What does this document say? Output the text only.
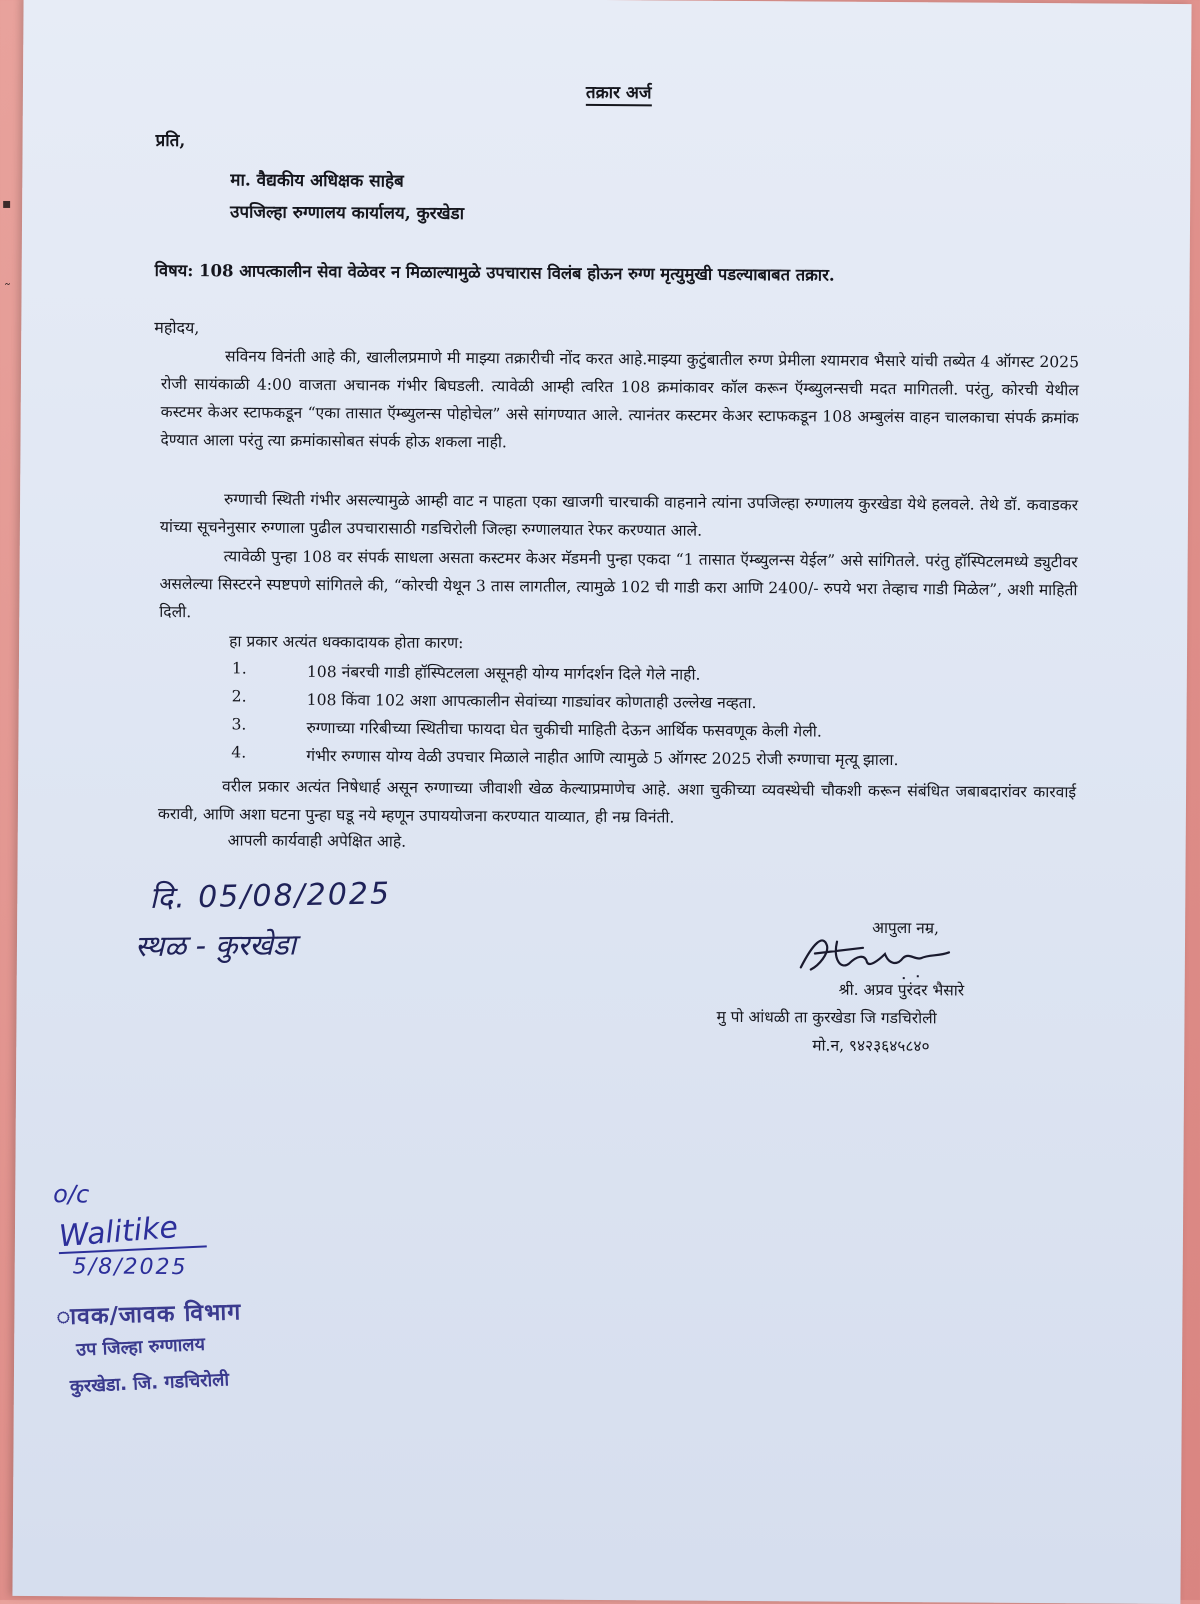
▪
˜
तक्रार अर्ज
प्रति,
मा. वैद्यकीय अधिक्षक साहेब
उपजिल्हा रुग्णालय कार्यालय, कुरखेडा
विषय: 108 आपत्कालीन सेवा वेळेवर न मिळाल्यामुळे उपचारास विलंब होऊन रुग्ण मृत्युमुखी पडल्याबाबत तक्रार.
महोदय,
सविनय विनंती आहे की, खालीलप्रमाणे मी माझ्या तक्रारीची नोंद करत आहे.माझ्या कुटुंबातील रुग्ण प्रेमीला श्यामराव भैसारे यांची तब्येत 4 ऑगस्ट 2025 रोजी सायंकाळी 4:00 वाजता अचानक गंभीर बिघडली. त्यावेळी आम्ही त्वरित 108 क्रमांकावर कॉल करून ऍम्ब्युलन्सची मदत मागितली. परंतु, कोरची येथील कस्टमर केअर स्टाफकडून “एका तासात ऍम्ब्युलन्स पोहोचेल” असे सांगण्यात आले. त्यानंतर कस्टमर केअर स्टाफकडून 108 अम्बुलंस वाहन चालकाचा संपर्क क्रमांक देण्यात आला परंतु त्या क्रमांकासोबत संपर्क होऊ शकला नाही.
रुग्णाची स्थिती गंभीर असल्यामुळे आम्ही वाट न पाहता एका खाजगी चारचाकी वाहनाने त्यांना उपजिल्हा रुग्णालय कुरखेडा येथे हलवले. तेथे डॉ. कवाडकर यांच्या सूचनेनुसार रुग्णाला पुढील उपचारासाठी गडचिरोली जिल्हा रुग्णालयात रेफर करण्यात आले.
त्यावेळी पुन्हा 108 वर संपर्क साधला असता कस्टमर केअर मॅडमनी पुन्हा एकदा “1 तासात ऍम्ब्युलन्स येईल” असे सांगितले. परंतु हॉस्पिटलमध्ये ड्युटीवर असलेल्या सिस्टरने स्पष्टपणे सांगितले की, “कोरची येथून 3 तास लागतील, त्यामुळे 102 ची गाडी करा आणि 2400/- रुपये भरा तेव्हाच गाडी मिळेल”, अशी माहिती दिली.
हा प्रकार अत्यंत धक्कादायक होता कारण:
1.	108 नंबरची गाडी हॉस्पिटलला असूनही योग्य मार्गदर्शन दिले गेले नाही.
2.	108 किंवा 102 अशा आपत्कालीन सेवांच्या गाड्यांवर कोणताही उल्लेख नव्हता.
3.	रुग्णाच्या गरिबीच्या स्थितीचा फायदा घेत चुकीची माहिती देऊन आर्थिक फसवणूक केली गेली.
4.	गंभीर रुग्णास योग्य वेळी उपचार मिळाले नाहीत आणि त्यामुळे 5 ऑगस्ट 2025 रोजी रुग्णाचा मृत्यू झाला.
वरील प्रकार अत्यंत निषेधार्ह असून रुग्णाच्या जीवाशी खेळ केल्याप्रमाणेच आहे. अशा चुकीच्या व्यवस्थेची चौकशी करून संबंधित जबाबदारांवर कारवाई करावी, आणि अशा घटना पुन्हा घडू नये म्हणून उपाययोजना करण्यात याव्यात, ही नम्र विनंती.
आपली कार्यवाही अपेक्षित आहे.
दि. 05/08/2025
स्थळ - कुरखेडा	आपुला नम्र,
श्री. अप्रव पुरंदर भैसारे
मु पो आंधळी ता कुरखेडा जि गडचिरोली
मो.न, ९४२३६४५८४०
o/c
Walitike
5/8/2025
ावक/जावक विभाग
उप जिल्हा रुग्णालय
कुरखेडा. जि. गडचिरोली
